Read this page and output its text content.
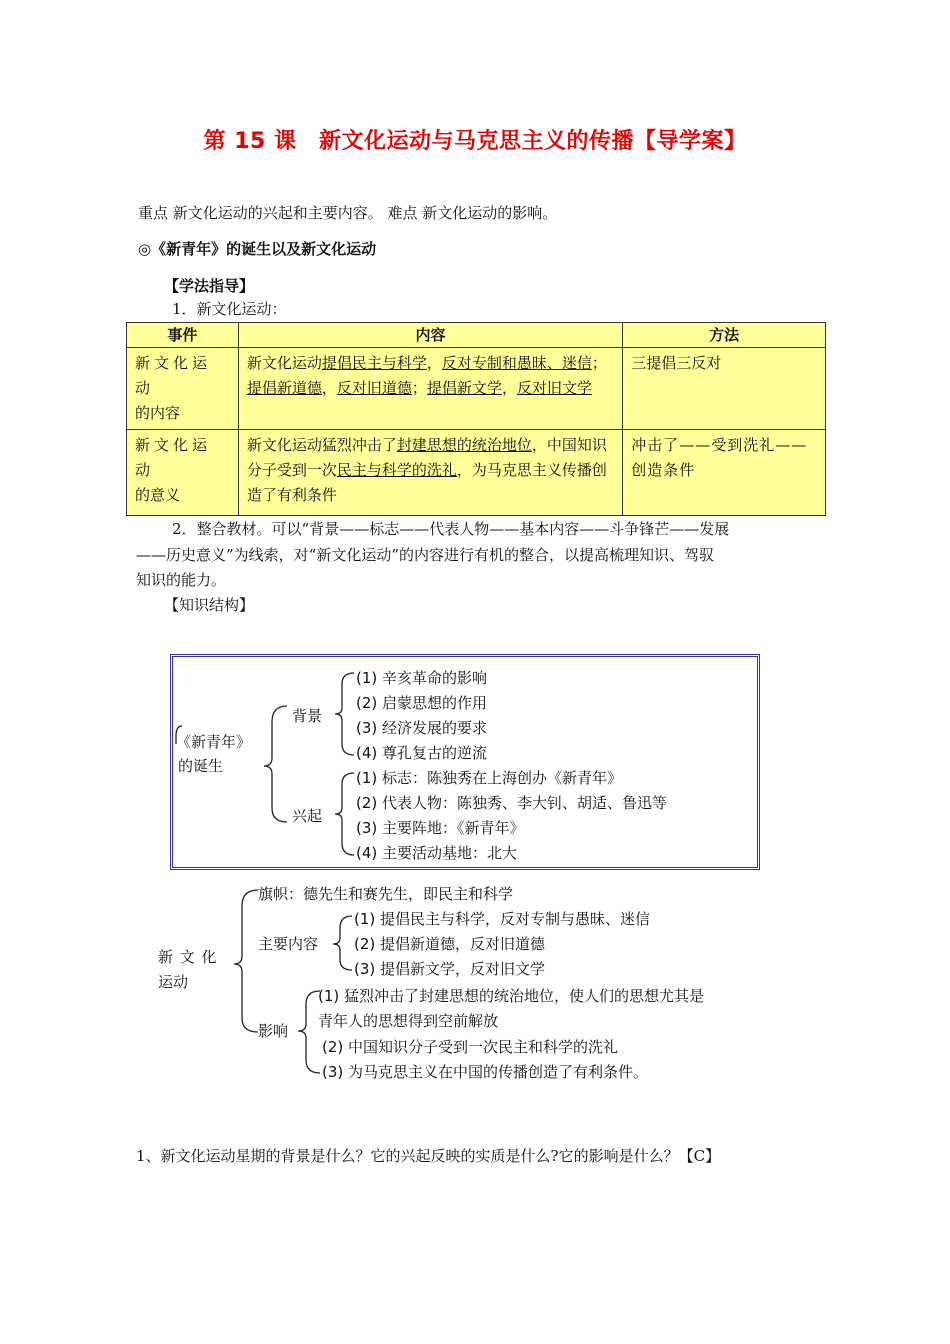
第 15 课　新文化运动与马克思主义的传播【导学案】
重点 新文化运动的兴起和主要内容。 难点 新文化运动的影响。
◎《新青年》的诞生以及新文化运动
【学法指导】
1．新文化运动：
事件	内容	方法

新文化运动
的内容	新文化运动提倡民主与科学，反对专制和愚昧、迷信；提倡新道德，反对旧道德；提倡新文学，反对旧文学	三提倡三反对

新文化运动
的意义	新文化运动猛烈冲击了封建思想的统治地位，中国知识分子受到一次民主与科学的洗礼，为马克思主义传播创造了有利条件	冲击了——受到洗礼——创造条件
2．整合教材。可以“背景——标志——代表人物——基本内容——斗争锋芒——发展
——历史意义”为线索，对“新文化运动”的内容进行有机的整合，以提高梳理知识、驾驭
知识的能力。
【知识结构】
《新青年》
的诞生
背景
(1) 辛亥革命的影响
(2) 启蒙思想的作用
(3) 经济发展的要求
(4) 尊孔复古的逆流
兴起
(1) 标志：陈独秀在上海创办《新青年》
(2) 代表人物：陈独秀、李大钊、胡适、鲁迅等
(3) 主要阵地：《新青年》
(4) 主要活动基地：北大
新 文 化
运动
旗帜：德先生和赛先生，即民主和科学
主要内容
(1) 提倡民主与科学，反对专制与愚昧、迷信
(2) 提倡新道德，反对旧道德
(3) 提倡新文学，反对旧文学
影响
(1) 猛烈冲击了封建思想的统治地位，使人们的思想尤其是
青年人的思想得到空前解放
(2) 中国知识分子受到一次民主和科学的洗礼
(3) 为马克思主义在中国的传播创造了有利条件。
1、新文化运动星期的背景是什么？它的兴起反映的实质是什么?它的影响是什么？【C】
